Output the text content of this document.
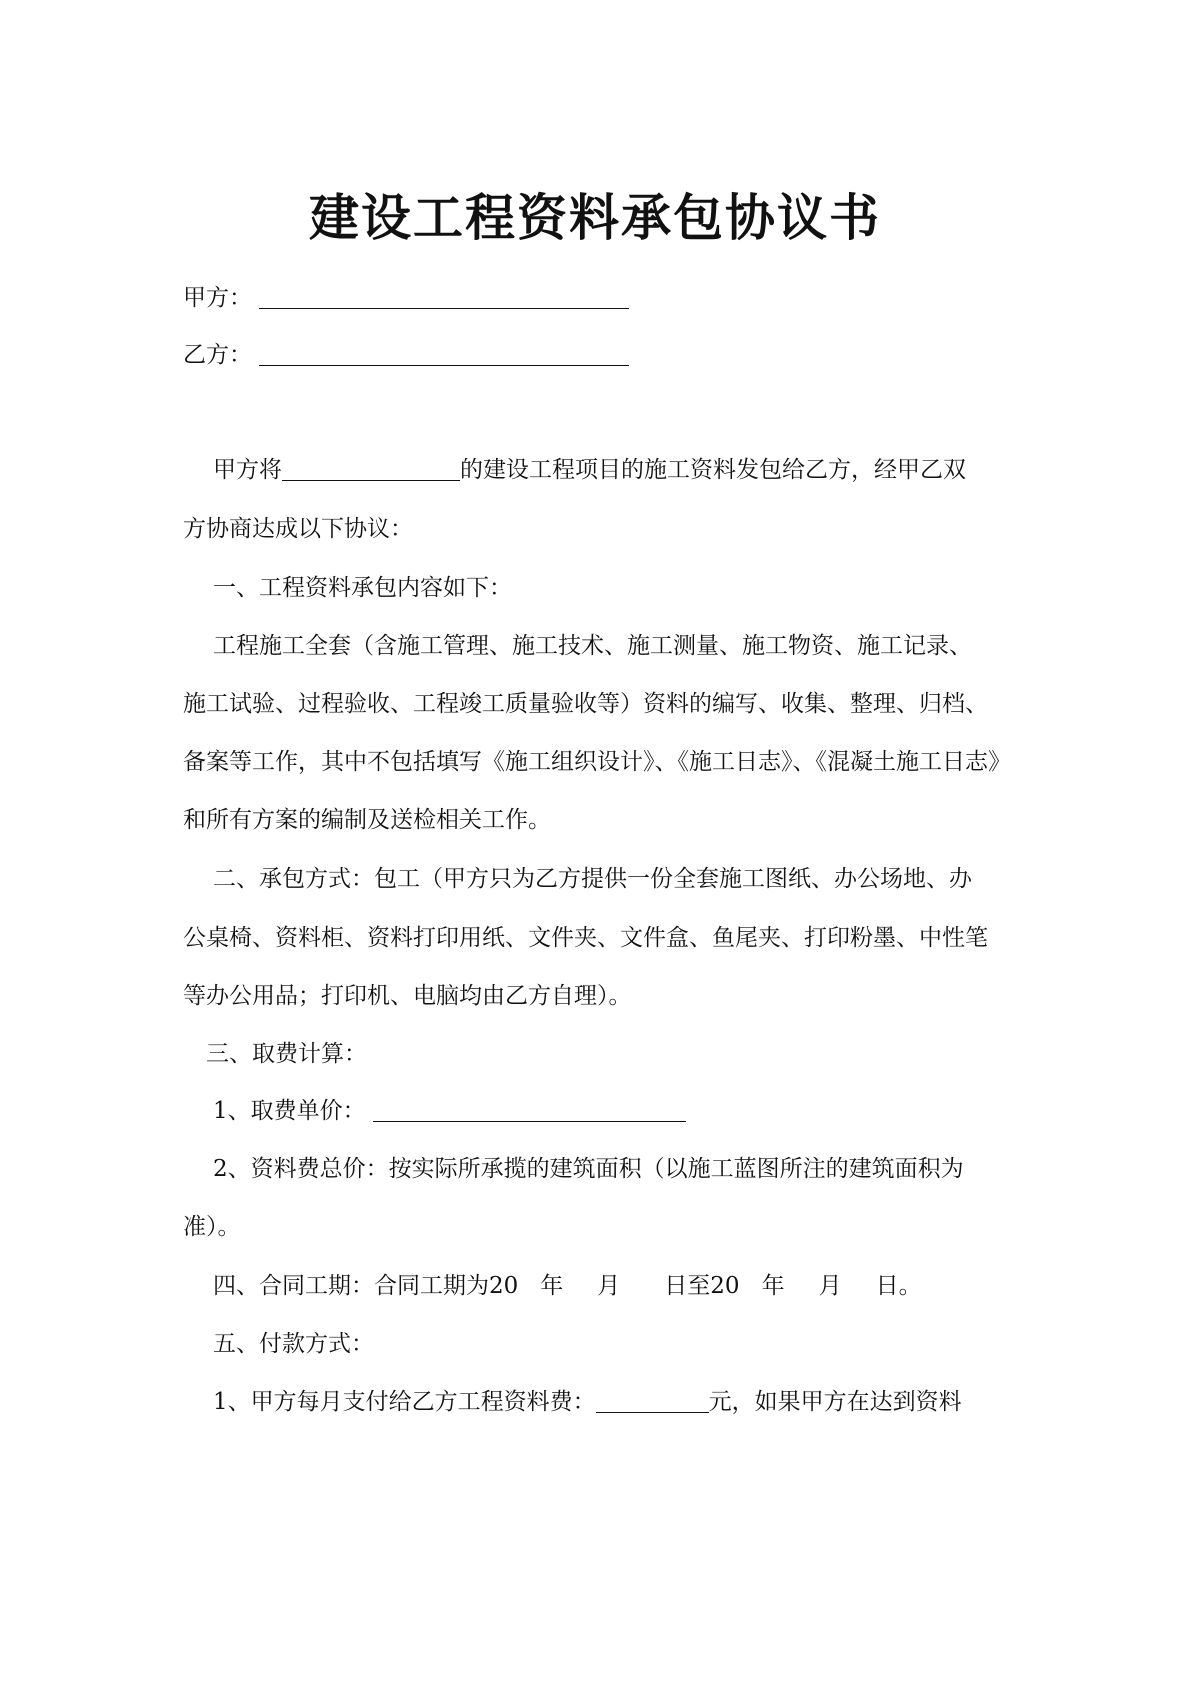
建设工程资料承包协议书
甲方：
乙方：
甲方将	的建设工程项目的施工资料发包给乙方，经甲乙双
方协商达成以下协议：
一、工程资料承包内容如下：
工程施工全套（含施工管理、施工技术、施工测量、施工物资、施工记录、
施工试验、过程验收、工程竣工质量验收等）资料的编写、收集、整理、归档、
备案等工作，其中不包括填写《施工组织设计》、《施工日志》、《混凝土施工日志》
和所有方案的编制及送检相关工作。
二、承包方式：包工（甲方只为乙方提供一份全套施工图纸、办公场地、办
公桌椅、资料柜、资料打印用纸、文件夹、文件盒、鱼尾夹、打印粉墨、中性笔
等办公用品；打印机、电脑均由乙方自理）。
三、取费计算：
1、取费单价：
2、资料费总价：按实际所承揽的建筑面积（以施工蓝图所注的建筑面积为
准）。
四、合同工期：合同工期为20 年 月 日至20 年 月 日。
五、付款方式：
1、甲方每月支付给乙方工程资料费：	元，如果甲方在达到资料
